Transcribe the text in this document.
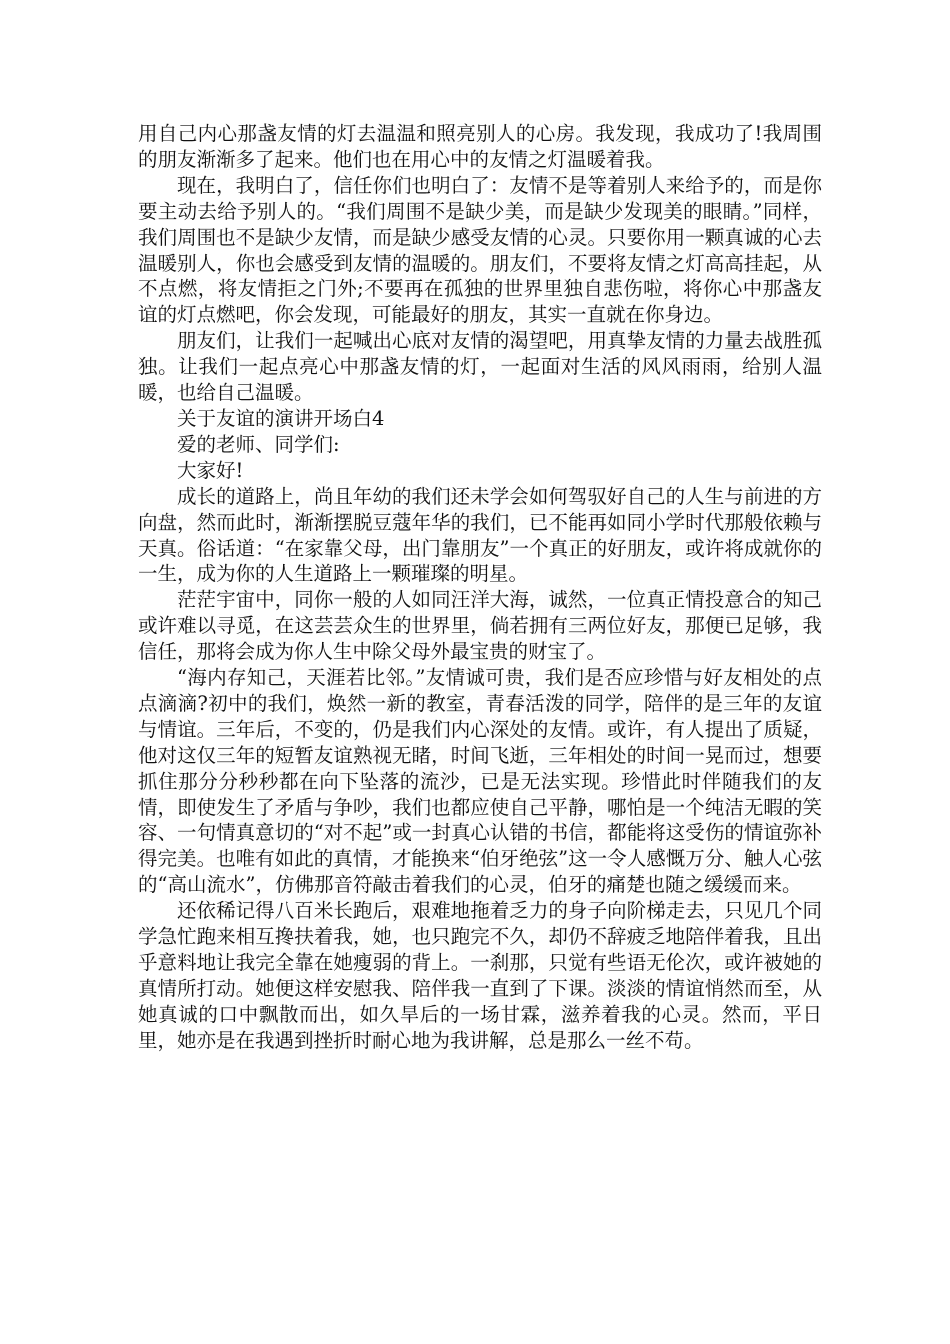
用自己内心那盏友情的灯去温温和照亮别人的心房。我发现，我成功了!我周围的朋友渐渐多了起来。他们也在用心中的友情之灯温暖着我。

现在，我明白了，信任你们也明白了：友情不是等着别人来给予的，而是你要主动去给予别人的。“我们周围不是缺少美，而是缺少发现美的眼睛。”同样，我们周围也不是缺少友情，而是缺少感受友情的心灵。只要你用一颗真诚的心去温暖别人，你也会感受到友情的温暖的。朋友们，不要将友情之灯高高挂起，从不点燃，将友情拒之门外;不要再在孤独的世界里独自悲伤啦，将你心中那盏友谊的灯点燃吧，你会发现，可能最好的朋友，其实一直就在你身边。

朋友们，让我们一起喊出心底对友情的渴望吧，用真挚友情的力量去战胜孤独。让我们一起点亮心中那盏友情的灯，一起面对生活的风风雨雨，给别人温暖，也给自己温暖。

关于友谊的演讲开场白4

爱的老师、同学们:

大家好!

成长的道路上，尚且年幼的我们还未学会如何驾驭好自己的人生与前进的方向盘，然而此时，渐渐摆脱豆蔻年华的我们，已不能再如同小学时代那般依赖与天真。俗话道：“在家靠父母，出门靠朋友”一个真正的好朋友，或许将成就你的一生，成为你的人生道路上一颗璀璨的明星。

茫茫宇宙中，同你一般的人如同汪洋大海，诚然，一位真正情投意合的知己或许难以寻觅，在这芸芸众生的世界里，倘若拥有三两位好友，那便已足够，我信任，那将会成为你人生中除父母外最宝贵的财宝了。

“海内存知己，天涯若比邻。”友情诚可贵，我们是否应珍惜与好友相处的点点滴滴?初中的我们，焕然一新的教室，青春活泼的同学，陪伴的是三年的友谊与情谊。三年后，不变的，仍是我们内心深处的友情。或许，有人提出了质疑，他对这仅三年的短暂友谊熟视无睹，时间飞逝，三年相处的时间一晃而过，想要抓住那分分秒秒都在向下坠落的流沙，已是无法实现。珍惜此时伴随我们的友情，即使发生了矛盾与争吵，我们也都应使自己平静，哪怕是一个纯洁无暇的笑容、一句情真意切的“对不起”或一封真心认错的书信，都能将这受伤的情谊弥补得完美。也唯有如此的真情，才能换来“伯牙绝弦”这一令人感慨万分、触人心弦的“高山流水”，仿佛那音符敲击着我们的心灵，伯牙的痛楚也随之缓缓而来。

还依稀记得八百米长跑后，艰难地拖着乏力的身子向阶梯走去，只见几个同学急忙跑来相互搀扶着我，她，也只跑完不久，却仍不辞疲乏地陪伴着我，且出乎意料地让我完全靠在她瘦弱的背上。一刹那，只觉有些语无伦次，或许被她的真情所打动。她便这样安慰我、陪伴我一直到了下课。淡淡的情谊悄然而至，从她真诚的口中飘散而出，如久旱后的一场甘霖，滋养着我的心灵。然而，平日里，她亦是在我遇到挫折时耐心地为我讲解，总是那么一丝不苟。
